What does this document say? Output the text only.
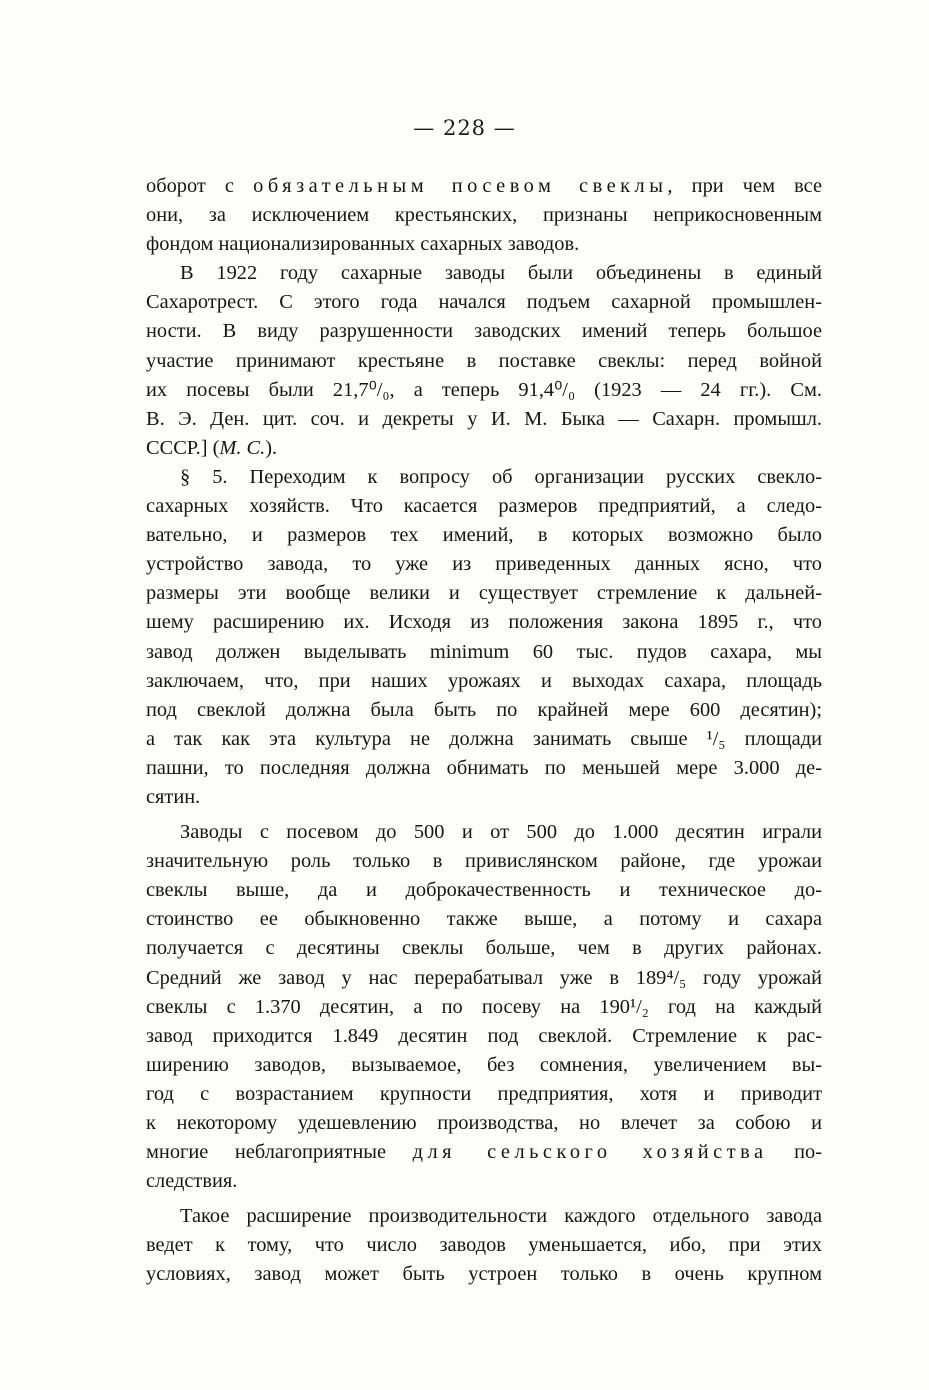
— 228 —
оборот с обязательным посевом свеклы, при чем все
они, за исключением крестьянских, признаны неприкосновенным
фондом национализированных сахарных заводов.
В 1922 году сахарные заводы были объединены в единый
Сахаротрест. С этого года начался подъем сахарной промышлен-
ности. В виду разрушенности заводских имений теперь большое
участие принимают крестьяне в поставке свеклы: перед войной
их посевы были 21,7⁰/₀, а теперь 91,4⁰/₀ (1923 — 24 гг.). См.
В. Э. Ден. цит. соч. и декреты у И. М. Быка — Сахарн. промышл.
СССР.] (М. С.).
§ 5. Переходим к вопросу об организации русских свекло-
сахарных хозяйств. Что касается размеров предприятий, а следо-
вательно, и размеров тех имений, в которых возможно было
устройство завода, то уже из приведенных данных ясно, что
размеры эти вообще велики и существует стремление к дальней-
шему расширению их. Исходя из положения закона 1895 г., что
завод должен выделывать minimum 60 тыс. пудов сахара, мы
заключаем, что, при наших урожаях и выходах сахара, площадь
под свеклой должна была быть по крайней мере 600 десятин);
а так как эта культура не должна занимать свыше ¹/₅ площади
пашни, то последняя должна обнимать по меньшей мере 3.000 де-
сятин.
Заводы с посевом до 500 и от 500 до 1.000 десятин играли
значительную роль только в привислянском районе, где урожаи
свеклы выше, да и доброкачественность и техническое до-
стоинство ее обыкновенно также выше, а потому и сахара
получается с десятины свеклы больше, чем в других районах.
Средний же завод у нас перерабатывал уже в 189⁴/₅ году урожай
свеклы с 1.370 десятин, а по посеву на 190¹/₂ год на каждый
завод приходится 1.849 десятин под свеклой. Стремление к рас-
ширению заводов, вызываемое, без сомнения, увеличением вы-
год с возрастанием крупности предприятия, хотя и приводит
к некоторому удешевлению производства, но влечет за собою и
многие неблагоприятные для сельского хозяйства по-
следствия.
Такое расширение производительности каждого отдельного завода
ведет к тому, что число заводов уменьшается, ибо, при этих
условиях, завод может быть устроен только в очень крупном
